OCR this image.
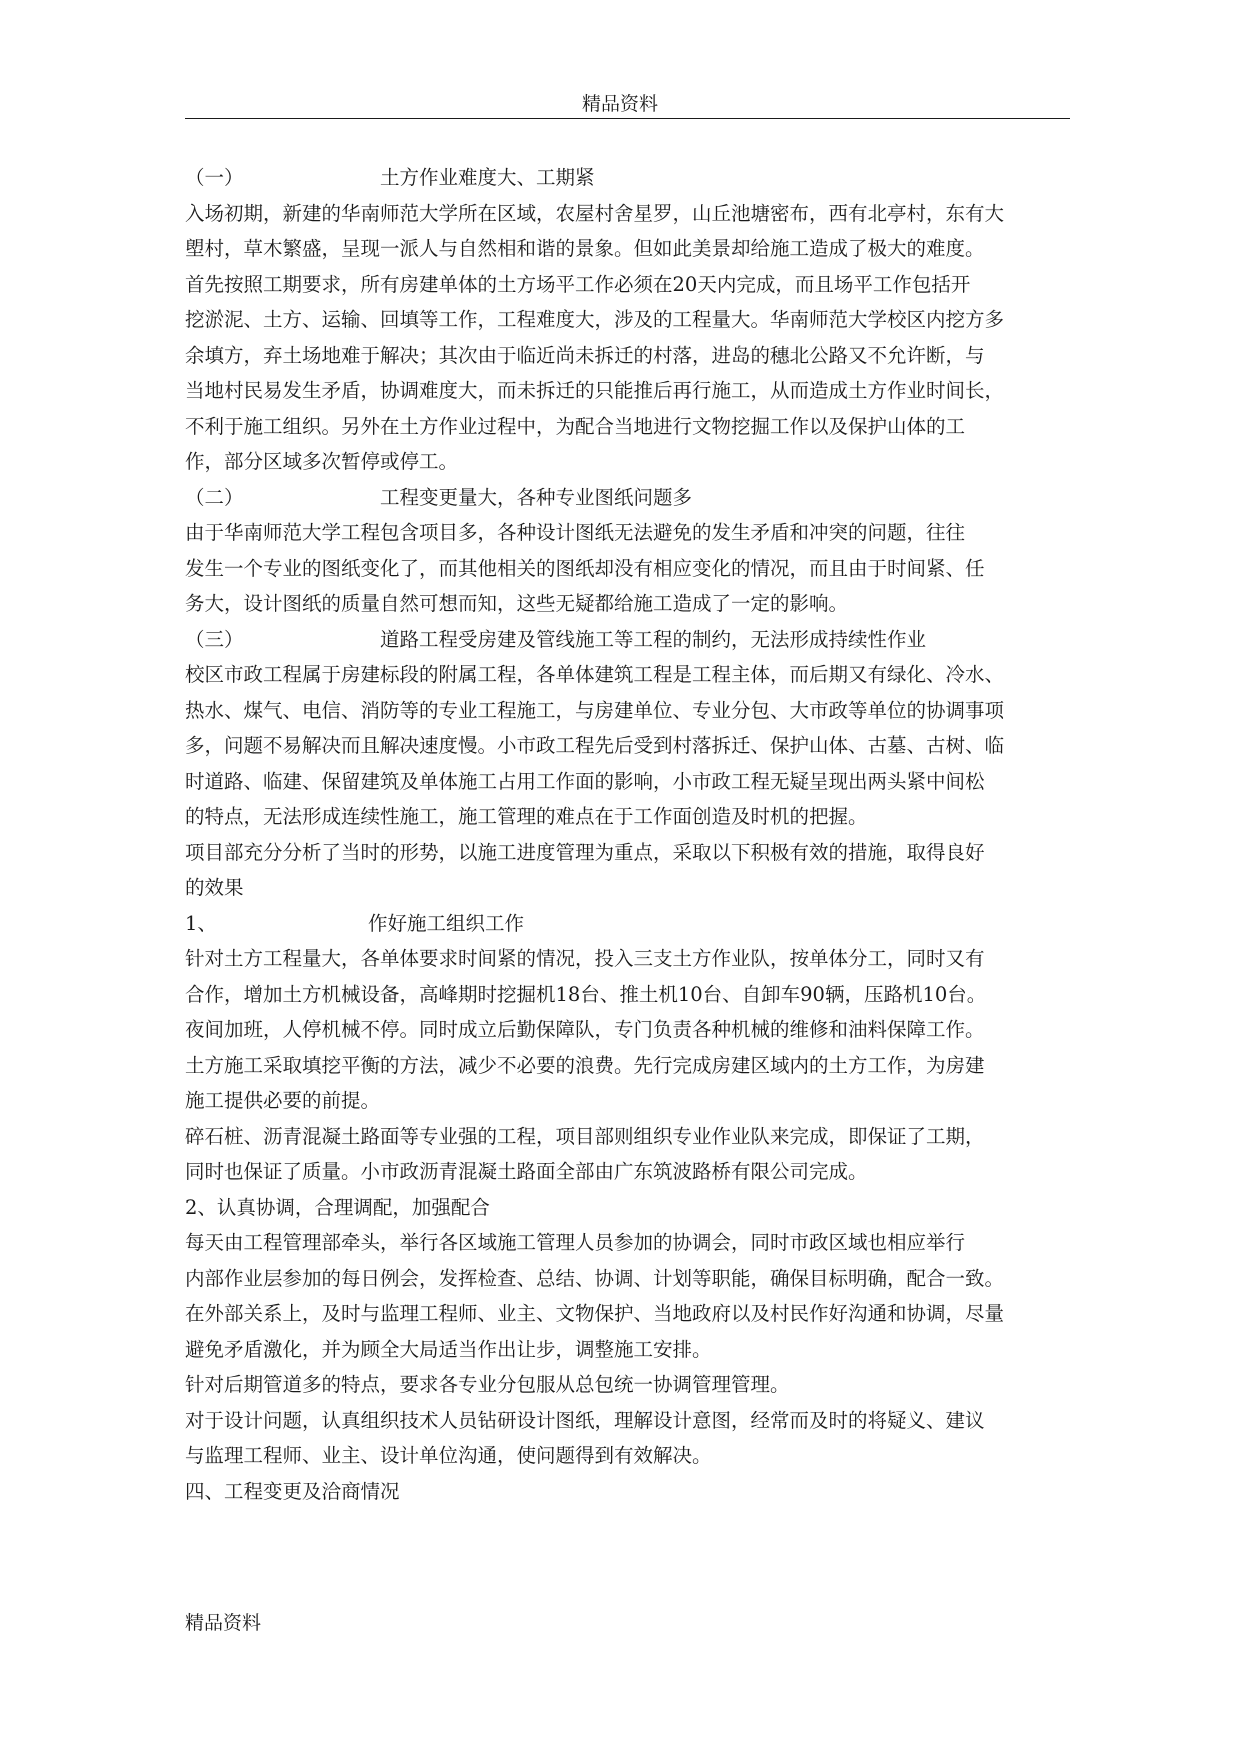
精品资料
（一）	土方作业难度大、工期紧

入场初期，新建的华南师范大学所在区域，农屋村舍星罗，山丘池塘密布，西有北亭村，东有大
塱村，草木繁盛，呈现一派人与自然相和谐的景象。但如此美景却给施工造成了极大的难度。
首先按照工期要求，所有房建单体的土方场平工作必须在20天内完成，而且场平工作包括开
挖淤泥、土方、运输、回填等工作，工程难度大，涉及的工程量大。华南师范大学校区内挖方多
余填方，弃土场地难于解决；其次由于临近尚未拆迁的村落，进岛的穗北公路又不允许断，与
当地村民易发生矛盾，协调难度大，而未拆迁的只能推后再行施工，从而造成土方作业时间长，
不利于施工组织。另外在土方作业过程中，为配合当地进行文物挖掘工作以及保护山体的工
作，部分区域多次暂停或停工。

（二）	工程变更量大，各种专业图纸问题多

由于华南师范大学工程包含项目多，各种设计图纸无法避免的发生矛盾和冲突的问题，往往
发生一个专业的图纸变化了，而其他相关的图纸却没有相应变化的情况，而且由于时间紧、任
务大，设计图纸的质量自然可想而知，这些无疑都给施工造成了一定的影响。

（三）	道路工程受房建及管线施工等工程的制约，无法形成持续性作业

校区市政工程属于房建标段的附属工程，各单体建筑工程是工程主体，而后期又有绿化、冷水、
热水、煤气、电信、消防等的专业工程施工，与房建单位、专业分包、大市政等单位的协调事项
多，问题不易解决而且解决速度慢。小市政工程先后受到村落拆迁、保护山体、古墓、古树、临
时道路、临建、保留建筑及单体施工占用工作面的影响，小市政工程无疑呈现出两头紧中间松
的特点，无法形成连续性施工，施工管理的难点在于工作面创造及时机的把握。

项目部充分分析了当时的形势，以施工进度管理为重点，采取以下积极有效的措施，取得良好
的效果

1、	作好施工组织工作

针对土方工程量大，各单体要求时间紧的情况，投入三支土方作业队，按单体分工，同时又有
合作，增加土方机械设备，高峰期时挖掘机18台、推土机10台、自卸车90辆，压路机10台。
夜间加班，人停机械不停。同时成立后勤保障队，专门负责各种机械的维修和油料保障工作。
土方施工采取填挖平衡的方法，减少不必要的浪费。先行完成房建区域内的土方工作，为房建
施工提供必要的前提。

碎石桩、沥青混凝土路面等专业强的工程，项目部则组织专业作业队来完成，即保证了工期，
同时也保证了质量。小市政沥青混凝土路面全部由广东筑波路桥有限公司完成。

2、认真协调，合理调配，加强配合

每天由工程管理部牵头，举行各区域施工管理人员参加的协调会，同时市政区域也相应举行
内部作业层参加的每日例会，发挥检查、总结、协调、计划等职能，确保目标明确，配合一致。
在外部关系上，及时与监理工程师、业主、文物保护、当地政府以及村民作好沟通和协调，尽量
避免矛盾激化，并为顾全大局适当作出让步，调整施工安排。

针对后期管道多的特点，要求各专业分包服从总包统一协调管理管理。

对于设计问题，认真组织技术人员钻研设计图纸，理解设计意图，经常而及时的将疑义、建议
与监理工程师、业主、设计单位沟通，使问题得到有效解决。

四、工程变更及洽商情况
精品资料
